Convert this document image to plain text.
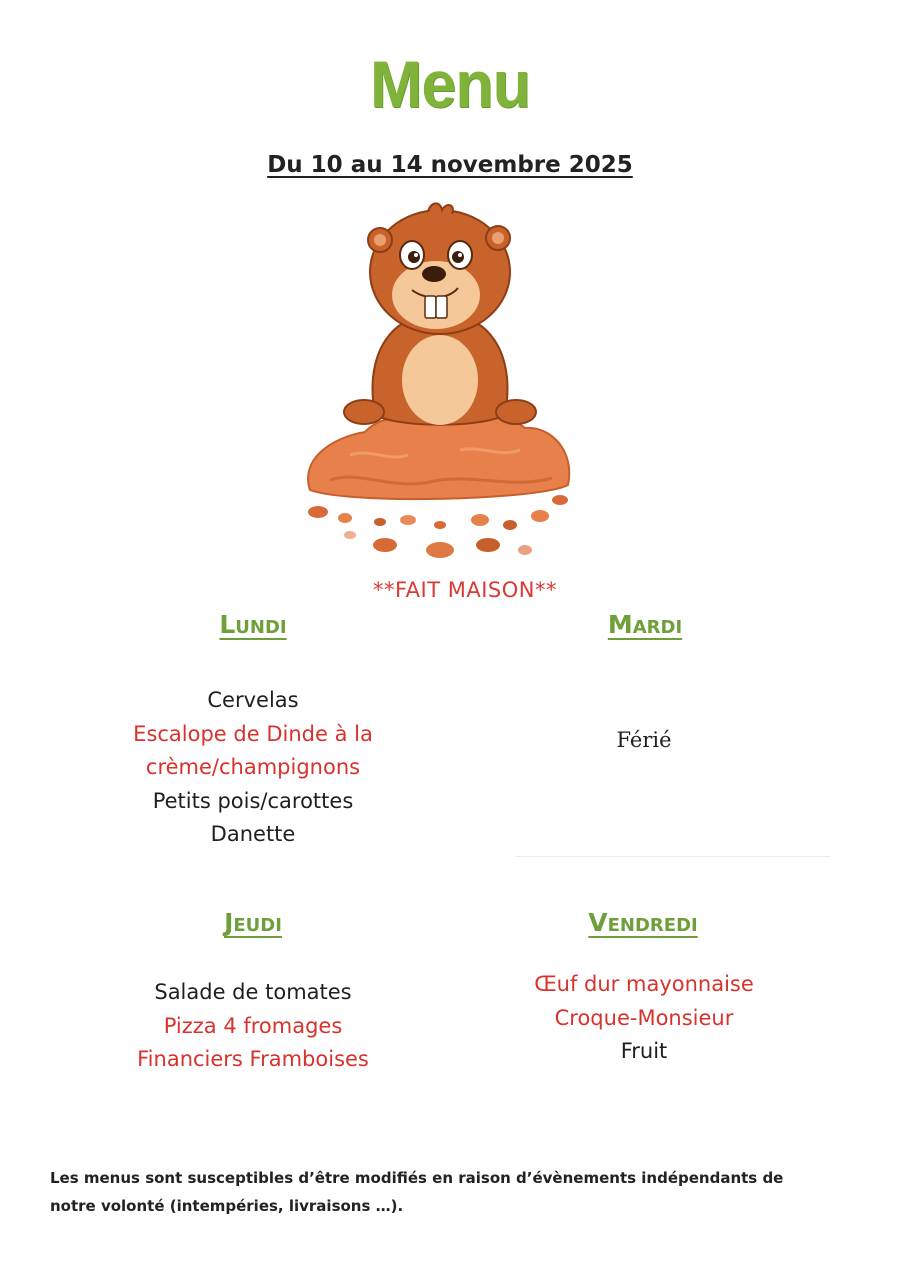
Menu
Du 10 au 14 novembre 2025
**FAIT MAISON**
Lundi	Mardi
Jeudi	Vendredi
Cervelas
Escalope de Dinde à la
crème/champignons
Petits pois/carottes
Danette
Férié
Salade de tomates
Pizza 4 fromages
Financiers Framboises
Œuf dur mayonnaise
Croque-Monsieur
Fruit
Les menus sont susceptibles d’être modifiés en raison d’évènements indépendants de
notre volonté (intempéries, livraisons …).
